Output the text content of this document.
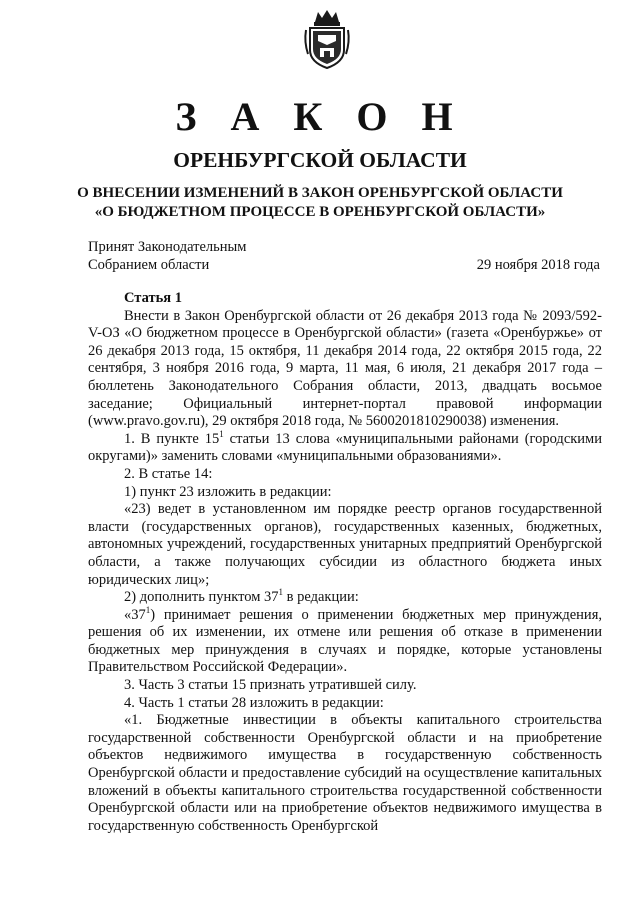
З А К О Н
ОРЕНБУРГСКОЙ ОБЛАСТИ
О ВНЕСЕНИИ ИЗМЕНЕНИЙ В ЗАКОН ОРЕНБУРГСКОЙ ОБЛАСТИ
«О БЮДЖЕТНОМ ПРОЦЕССЕ В ОРЕНБУРГСКОЙ ОБЛАСТИ»
Принят Законодательным
Собранием области	29 ноября 2018 года

Статья 1

Внести в Закон Оренбургской области от 26 декабря 2013 года № 2093/592-V-ОЗ «О бюджетном процессе в Оренбургской области» (газета «Оренбуржье» от 26 декабря 2013 года, 15 октября, 11 декабря 2014 года, 22 октября 2015 года, 22 сентября, 3 ноября 2016 года, 9 марта, 11 мая, 6 июля, 21 декабря 2017 года – бюллетень Законодательного Собрания области, 2013, двадцать восьмое заседание; Официальный интернет-портал правовой информации (www.pravo.gov.ru), 29 октября 2018 года, № 5600201810290038) изменения.

1. В пункте $15^1$ статьи 13 слова «муниципальными районами (городскими округами)» заменить словами «муниципальными образованиями».

2. В статье 14:

1) пункт 23 изложить в редакции:

«23) ведет в установленном им порядке реестр органов государственной власти (государственных органов), государственных казенных, бюджетных, автономных учреждений, государственных унитарных предприятий Оренбургской области, а также получающих субсидии из областного бюджета иных юридических лиц»;

2) дополнить пунктом $37^1$ в редакции:

«$37^1$) принимает решения о применении бюджетных мер принуждения, решения об их изменении, их отмене или решения об отказе в применении бюджетных мер принуждения в случаях и порядке, которые установлены Правительством Российской Федерации».

3. Часть 3 статьи 15 признать утратившей силу.

4. Часть 1 статьи 28 изложить в редакции:

«1. Бюджетные инвестиции в объекты капитального строительства государственной собственности Оренбургской области и на приобретение объектов недвижимого имущества в государственную собственность Оренбургской области и предоставление субсидий на осуществление капитальных вложений в объекты капитального строительства государственной собственности Оренбургской области или на приобретение объектов недвижимого имущества в государственную собственность Оренбургской
